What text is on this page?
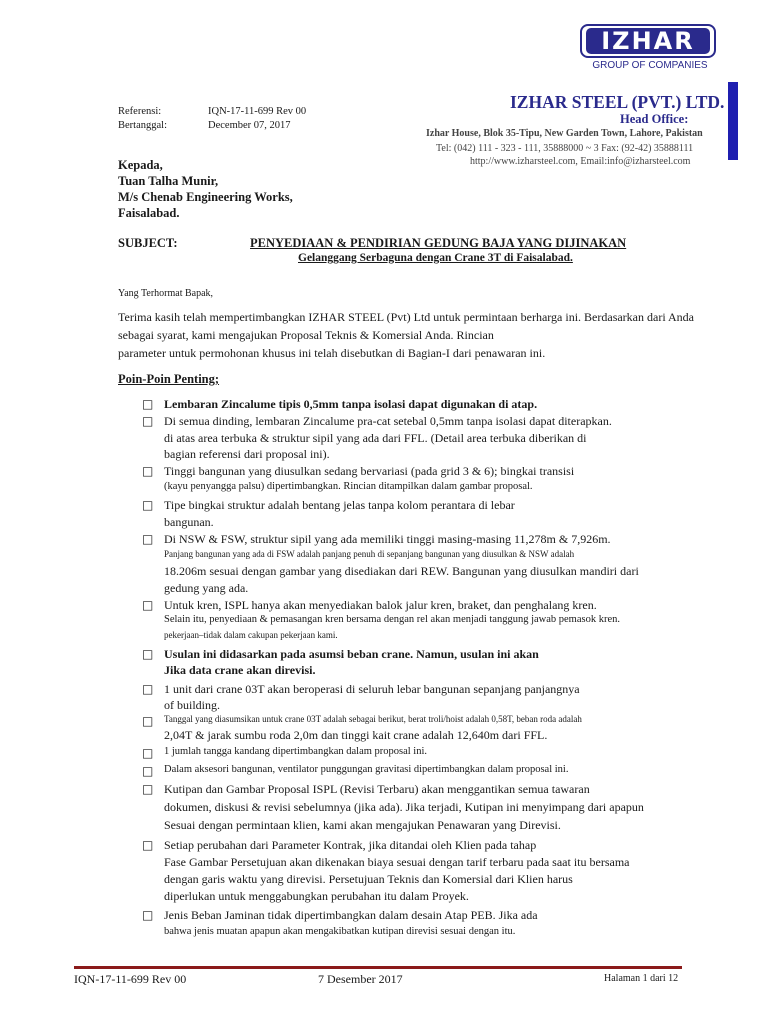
IZHAR
GROUP OF COMPANIES
IZHAR STEEL (PVT.) LTD.
Head Office:
Izhar House, Blok 35-Tipu, New Garden Town, Lahore, Pakistan
Tel: (042) 111 - 323 - 111, 35888000 ~ 3 Fax: (92-42) 35888111
http://www.izharsteel.com, Email:info@izharsteel.com
Referensi:	IQN-17-11-699 Rev 00
Bertanggal:	December 07, 2017
Kepada,
Tuan Talha Munir,
M/s Chenab Engineering Works,
Faisalabad.
SUBJECT:	PENYEDIAAN & PENDIRIAN GEDUNG BAJA YANG DIJINAKAN
Gelanggang Serbaguna dengan Crane 3T di Faisalabad.
Yang Terhormat Bapak,
Terima kasih telah mempertimbangkan IZHAR STEEL (Pvt) Ltd untuk permintaan berharga ini. Berdasarkan dari Anda
sebagai syarat, kami mengajukan Proposal Teknis & Komersial Anda. Rincian
parameter untuk permohonan khusus ini telah disebutkan di Bagian-I dari penawaran ini.
Poin-Poin Penting;
□ Lembaran Zincalume tipis 0,5mm tanpa isolasi dapat digunakan di atap.
□ Di semua dinding, lembaran Zincalume pra-cat setebal 0,5mm tanpa isolasi dapat diterapkan.
di atas area terbuka & struktur sipil yang ada dari FFL. (Detail area terbuka diberikan di
bagian referensi dari proposal ini).
□ Tinggi bangunan yang diusulkan sedang bervariasi (pada grid 3 & 6); bingkai transisi
(kayu penyangga palsu) dipertimbangkan. Rincian ditampilkan dalam gambar proposal.
□ Tipe bingkai struktur adalah bentang jelas tanpa kolom perantara di lebar
bangunan.
□ Di NSW & FSW, struktur sipil yang ada memiliki tinggi masing-masing 11,278m & 7,926m.
Panjang bangunan yang ada di FSW adalah panjang penuh di sepanjang bangunan yang diusulkan & NSW adalah
18.206m sesuai dengan gambar yang disediakan dari REW. Bangunan yang diusulkan mandiri dari
gedung yang ada.
□ Untuk kren, ISPL hanya akan menyediakan balok jalur kren, braket, dan penghalang kren.
Selain itu, penyediaan & pemasangan kren bersama dengan rel akan menjadi tanggung jawab pemasok kren.
pekerjaan–tidak dalam cakupan pekerjaan kami.
□ Usulan ini didasarkan pada asumsi beban crane. Namun, usulan ini akan
Jika data crane akan direvisi.
□ 1 unit dari crane 03T akan beroperasi di seluruh lebar bangunan sepanjang panjangnya
of building.
□ Tanggal yang diasumsikan untuk crane 03T adalah sebagai berikut, berat troli/hoist adalah 0,58T, beban roda adalah
2,04T & jarak sumbu roda 2,0m dan tinggi kait crane adalah 12,640m dari FFL.
□ 1 jumlah tangga kandang dipertimbangkan dalam proposal ini.
□ Dalam aksesori bangunan, ventilator punggungan gravitasi dipertimbangkan dalam proposal ini.
□ Kutipan dan Gambar Proposal ISPL (Revisi Terbaru) akan menggantikan semua tawaran
dokumen, diskusi & revisi sebelumnya (jika ada). Jika terjadi, Kutipan ini menyimpang dari apapun
Sesuai dengan permintaan klien, kami akan mengajukan Penawaran yang Direvisi.
□ Setiap perubahan dari Parameter Kontrak, jika ditandai oleh Klien pada tahap
Fase Gambar Persetujuan akan dikenakan biaya sesuai dengan tarif terbaru pada saat itu bersama
dengan garis waktu yang direvisi. Persetujuan Teknis dan Komersial dari Klien harus
diperlukan untuk menggabungkan perubahan itu dalam Proyek.
□ Jenis Beban Jaminan tidak dipertimbangkan dalam desain Atap PEB. Jika ada
bahwa jenis muatan apapun akan mengakibatkan kutipan direvisi sesuai dengan itu.
IQN-17-11-699 Rev 00	7 Desember 2017	Halaman 1 dari 12
